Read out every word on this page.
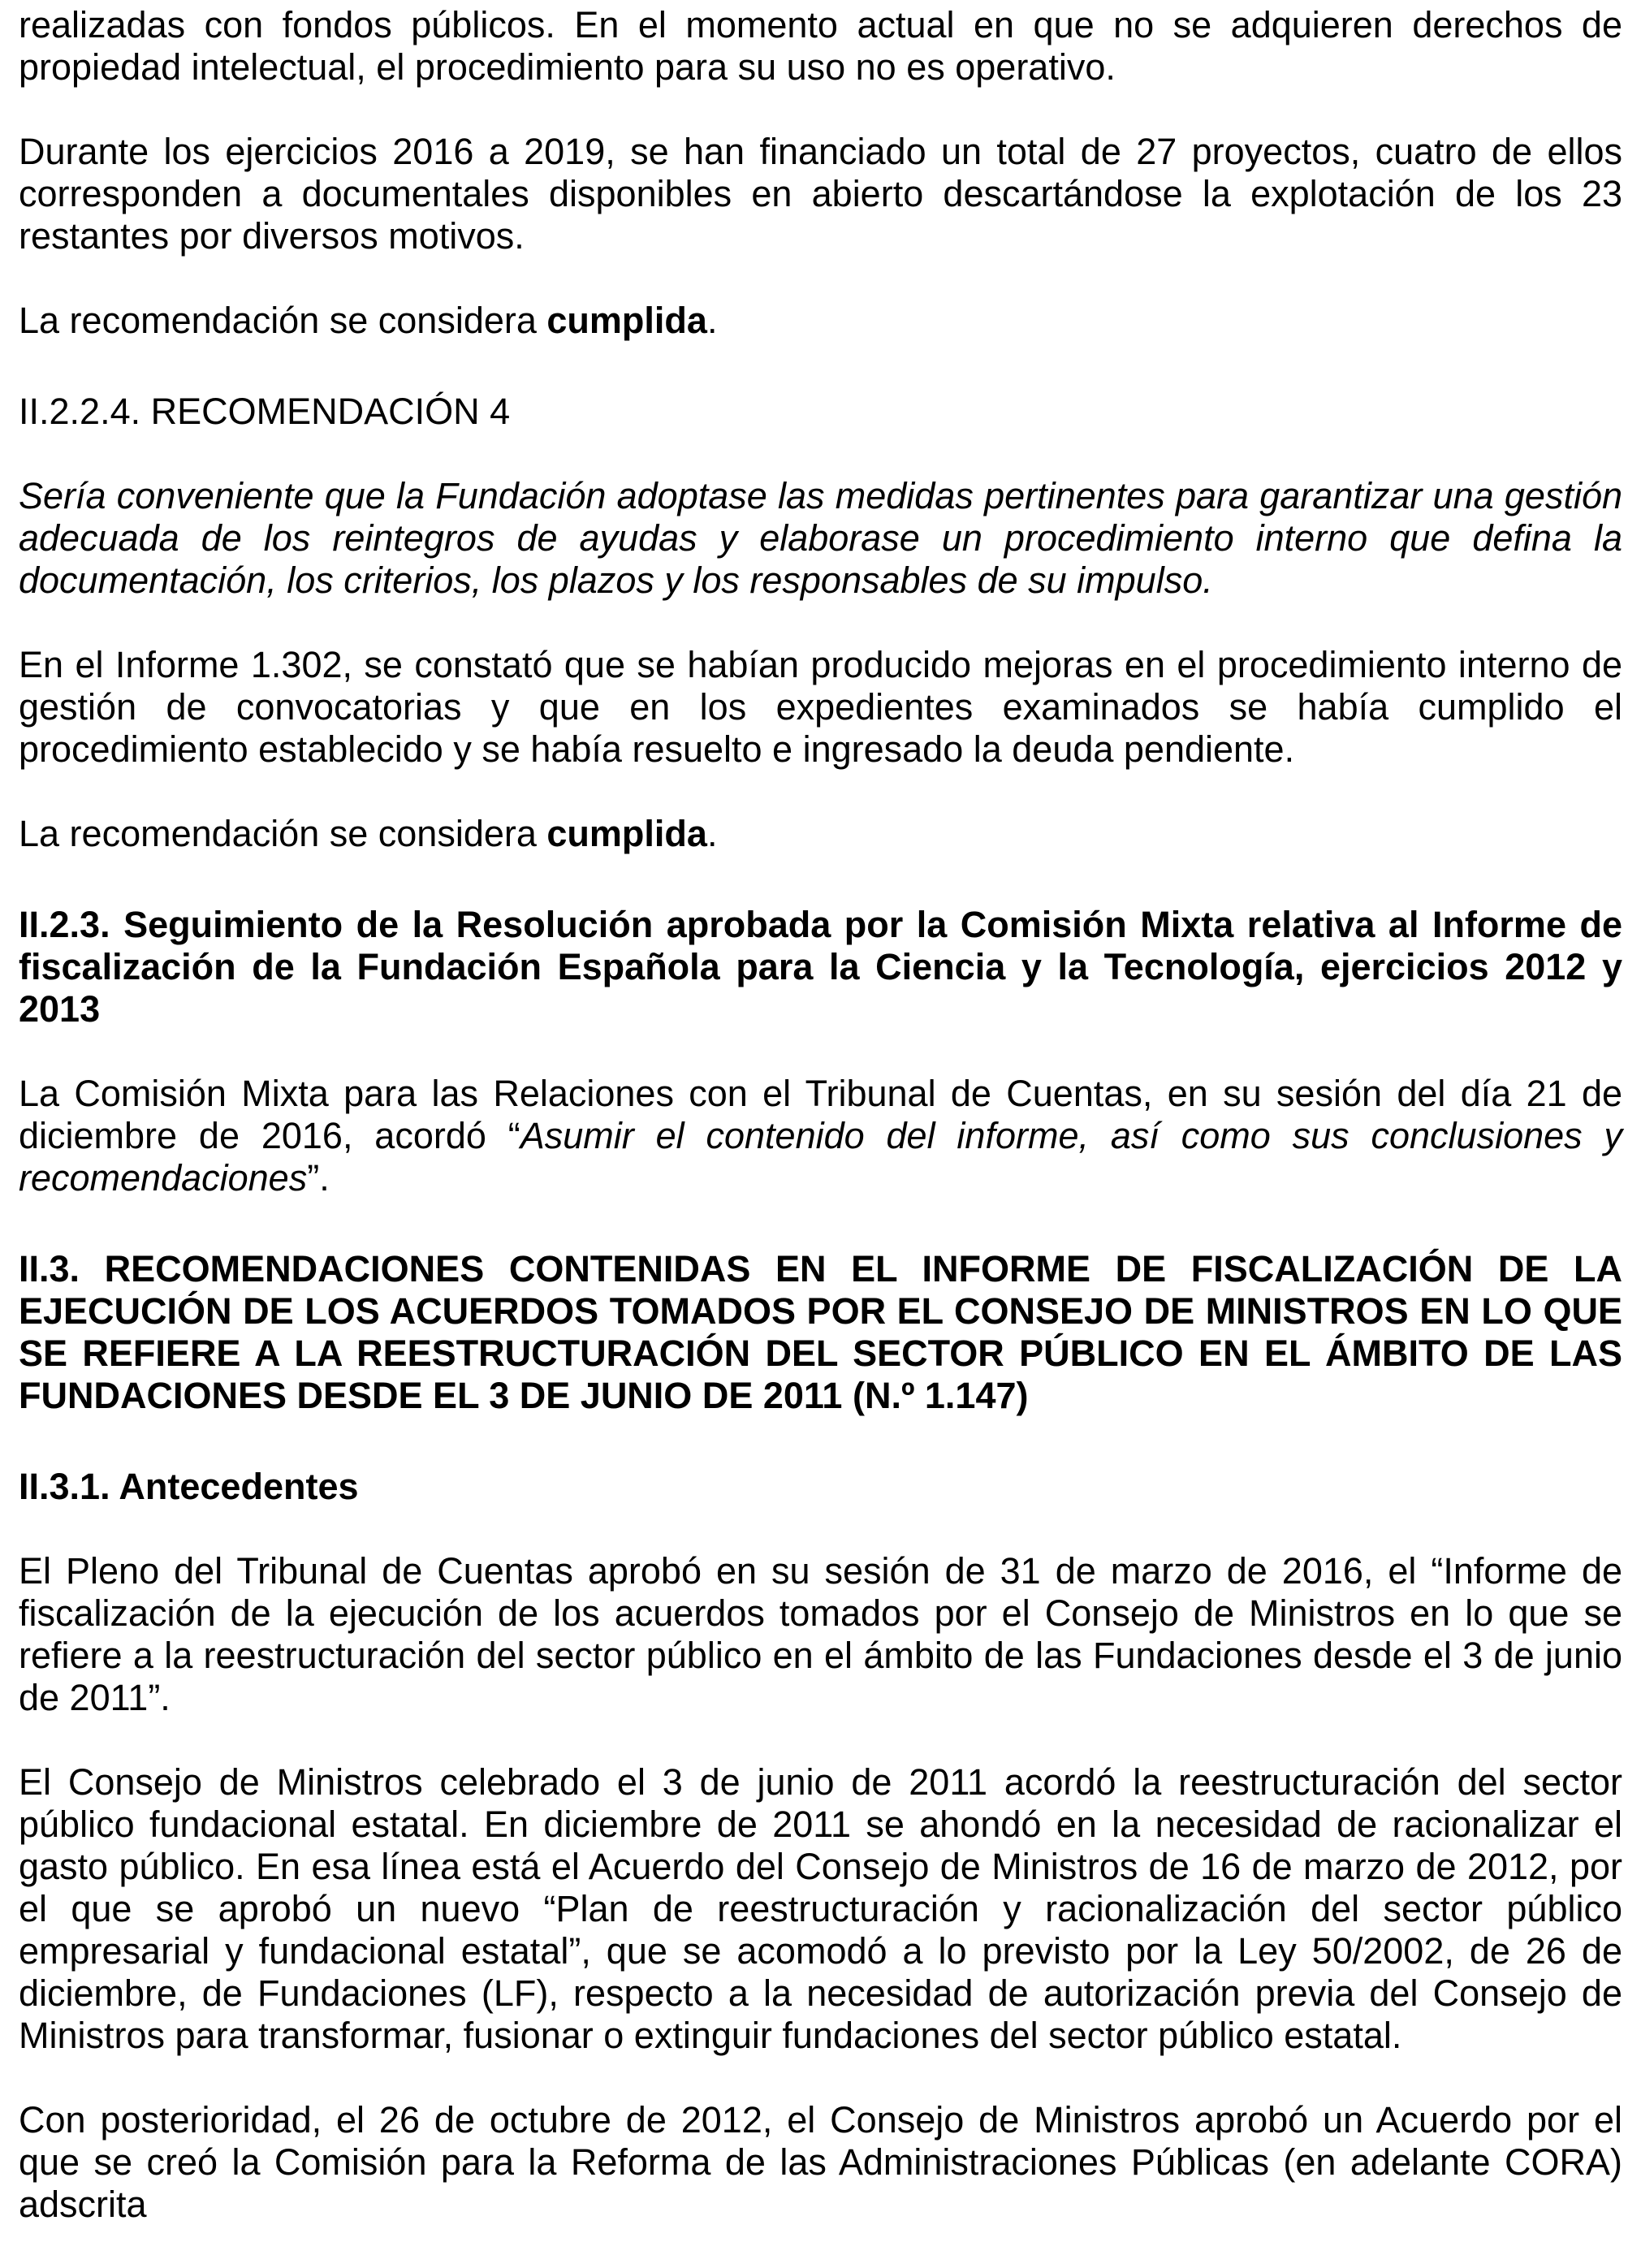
realizadas con fondos públicos. En el momento actual en que no se adquieren derechos de propiedad intelectual, el procedimiento para su uso no es operativo.

Durante los ejercicios 2016 a 2019, se han financiado un total de 27 proyectos, cuatro de ellos corresponden a documentales disponibles en abierto descartándose la explotación de los 23 restantes por diversos motivos.

La recomendación se considera cumplida.

II.2.2.4. RECOMENDACIÓN 4

Sería conveniente que la Fundación adoptase las medidas pertinentes para garantizar una gestión adecuada de los reintegros de ayudas y elaborase un procedimiento interno que defina la documentación, los criterios, los plazos y los responsables de su impulso.

En el Informe 1.302, se constató que se habían producido mejoras en el procedimiento interno de gestión de convocatorias y que en los expedientes examinados se había cumplido el procedimiento establecido y se había resuelto e ingresado la deuda pendiente.

La recomendación se considera cumplida.

II.2.3. Seguimiento de la Resolución aprobada por la Comisión Mixta relativa al Informe de fiscalización de la Fundación Española para la Ciencia y la Tecnología, ejercicios 2012 y 2013

La Comisión Mixta para las Relaciones con el Tribunal de Cuentas, en su sesión del día 21 de diciembre de 2016, acordó “Asumir el contenido del informe, así como sus conclusiones y recomendaciones”.

II.3. RECOMENDACIONES CONTENIDAS EN EL INFORME DE FISCALIZACIÓN DE LA EJECUCIÓN DE LOS ACUERDOS TOMADOS POR EL CONSEJO DE MINISTROS EN LO QUE SE REFIERE A LA REESTRUCTURACIÓN DEL SECTOR PÚBLICO EN EL ÁMBITO DE LAS FUNDACIONES DESDE EL 3 DE JUNIO DE 2011 (N.º 1.147)
II.3.1. Antecedentes

El Pleno del Tribunal de Cuentas aprobó en su sesión de 31 de marzo de 2016, el “Informe de fiscalización de la ejecución de los acuerdos tomados por el Consejo de Ministros en lo que se refiere a la reestructuración del sector público en el ámbito de las Fundaciones desde el 3 de junio de 2011”.

El Consejo de Ministros celebrado el 3 de junio de 2011 acordó la reestructuración del sector público fundacional estatal. En diciembre de 2011 se ahondó en la necesidad de racionalizar el gasto público. En esa línea está el Acuerdo del Consejo de Ministros de 16 de marzo de 2012, por el que se aprobó un nuevo “Plan de reestructuración y racionalización del sector público empresarial y fundacional estatal”, que se acomodó a lo previsto por la Ley 50/2002, de 26 de diciembre, de Fundaciones (LF), respecto a la necesidad de autorización previa del Consejo de Ministros para transformar, fusionar o extinguir fundaciones del sector público estatal.

Con posterioridad, el 26 de octubre de 2012, el Consejo de Ministros aprobó un Acuerdo por el que se creó la Comisión para la Reforma de las Administraciones Públicas (en adelante CORA) adscrita
